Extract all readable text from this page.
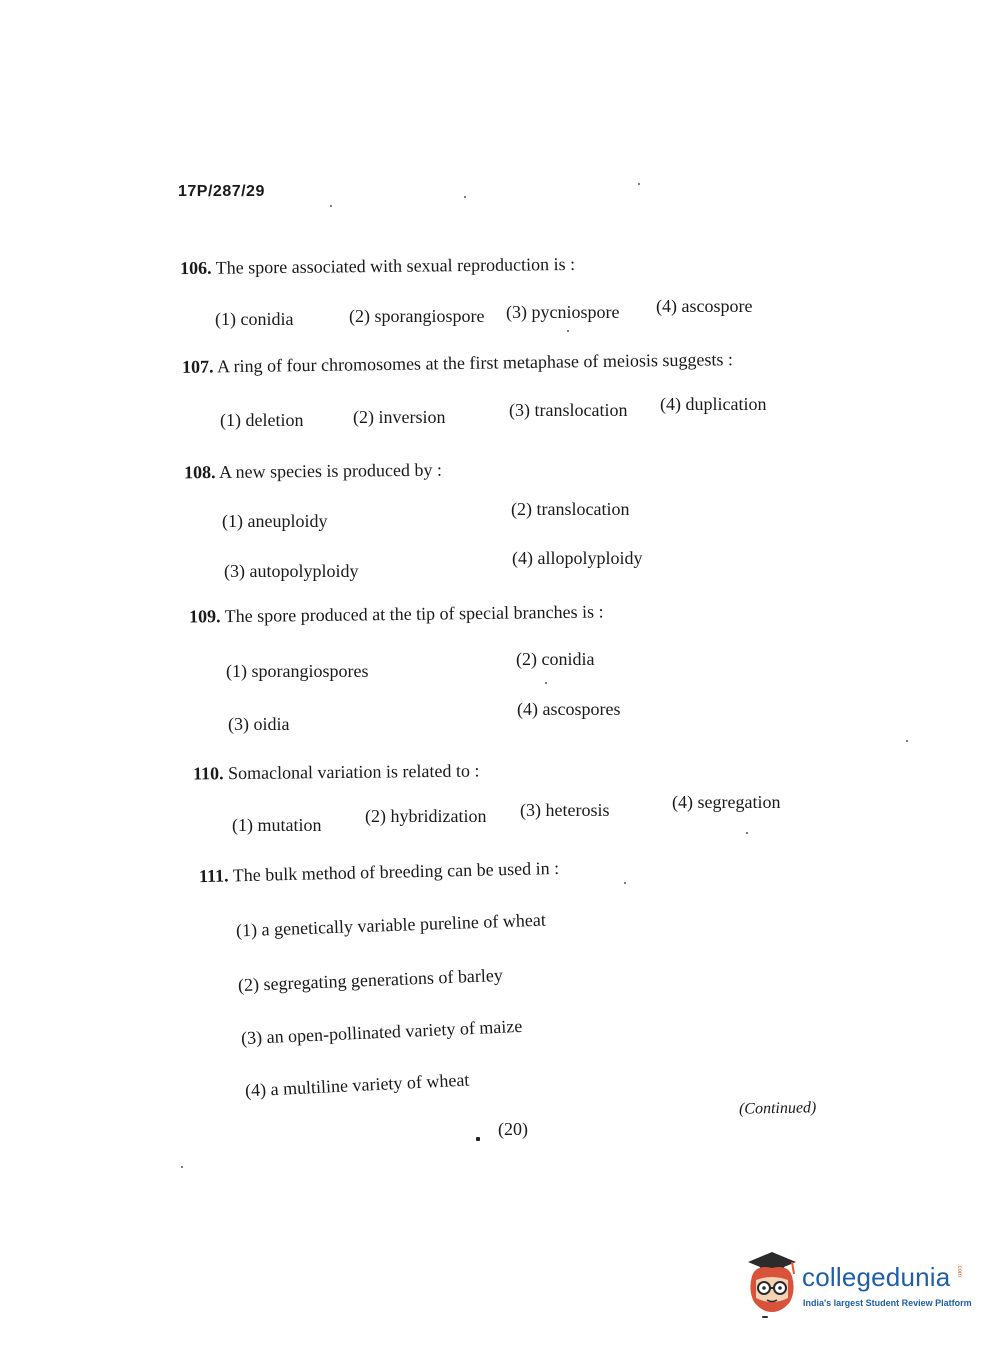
17P/287/29
106. The spore associated with sexual reproduction is :
(1) conidia	(2) sporangiospore (3) pycniospore (4) ascospore
107. A ring of four chromosomes at the first metaphase of meiosis suggests :
(1) deletion	(2) inversion	(3) translocation (4) duplication
108. A new species is produced by :
(1) aneuploidy
(2) translocation
(3) autopolyploidy
(4) allopolyploidy
109. The spore produced at the tip of special branches is :
(1) sporangiospores
(2) conidia
(3) oidia
(4) ascospores
110. Somaclonal variation is related to :
(1) mutation (2) hybridization (3) heterosis	(4) segregation
111. The bulk method of breeding can be used in :
(1) a genetically variable pureline of wheat
(2) segregating generations of barley
(3) an open-pollinated variety of maize
(4) a multiline variety of wheat
(20)
(Continued)
collegedunia .com
India's largest Student Review Platform
